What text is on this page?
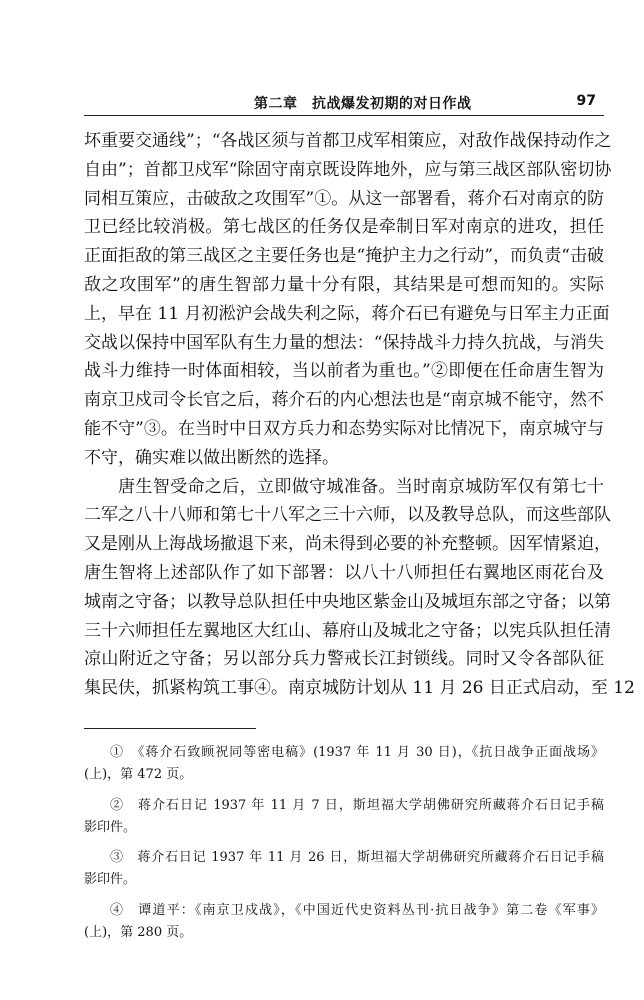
第二章　抗战爆发初期的对日作战	97
坏重要交通线”；“各战区须与首都卫戍军相策应，对敌作战保持动作之
自由”；首都卫戍军“除固守南京既设阵地外，应与第三战区部队密切协
同相互策应，击破敌之攻围军”①。从这一部署看，蒋介石对南京的防
卫已经比较消极。第七战区的任务仅是牵制日军对南京的进攻，担任
正面拒敌的第三战区之主要任务也是“掩护主力之行动”，而负责“击破
敌之攻围军”的唐生智部力量十分有限，其结果是可想而知的。实际
上，早在 11 月初淞沪会战失利之际，蒋介石已有避免与日军主力正面
交战以保持中国军队有生力量的想法：“保持战斗力持久抗战，与消失
战斗力维持一时体面相较，当以前者为重也。”②即便在任命唐生智为
南京卫戍司令长官之后，蒋介石的内心想法也是“南京城不能守，然不
能不守”③。在当时中日双方兵力和态势实际对比情况下，南京城守与
不守，确实难以做出断然的选择。
唐生智受命之后，立即做守城准备。当时南京城防军仅有第七十
二军之八十八师和第七十八军之三十六师，以及教导总队，而这些部队
又是刚从上海战场撤退下来，尚未得到必要的补充整顿。因军情紧迫，
唐生智将上述部队作了如下部署：以八十八师担任右翼地区雨花台及
城南之守备；以教导总队担任中央地区紫金山及城垣东部之守备；以第
三十六师担任左翼地区大红山、幕府山及城北之守备；以宪兵队担任清
凉山附近之守备；另以部分兵力警戒长江封锁线。同时又令各部队征
集民伕，抓紧构筑工事④。南京城防计划从 11 月 26 日正式启动，至 12
①　《蒋介石致顾祝同等密电稿》(1937 年 11 月 30 日)，《抗日战争正面战场》
(上)，第 472 页。
②　蒋介石日记 1937 年 11 月 7 日，斯坦福大学胡佛研究所藏蒋介石日记手稿
影印件。
③　蒋介石日记 1937 年 11 月 26 日，斯坦福大学胡佛研究所藏蒋介石日记手稿
影印件。
④　谭道平：《南京卫戍战》，《中国近代史资料丛刊·抗日战争》第二卷《军事》
(上)，第 280 页。
